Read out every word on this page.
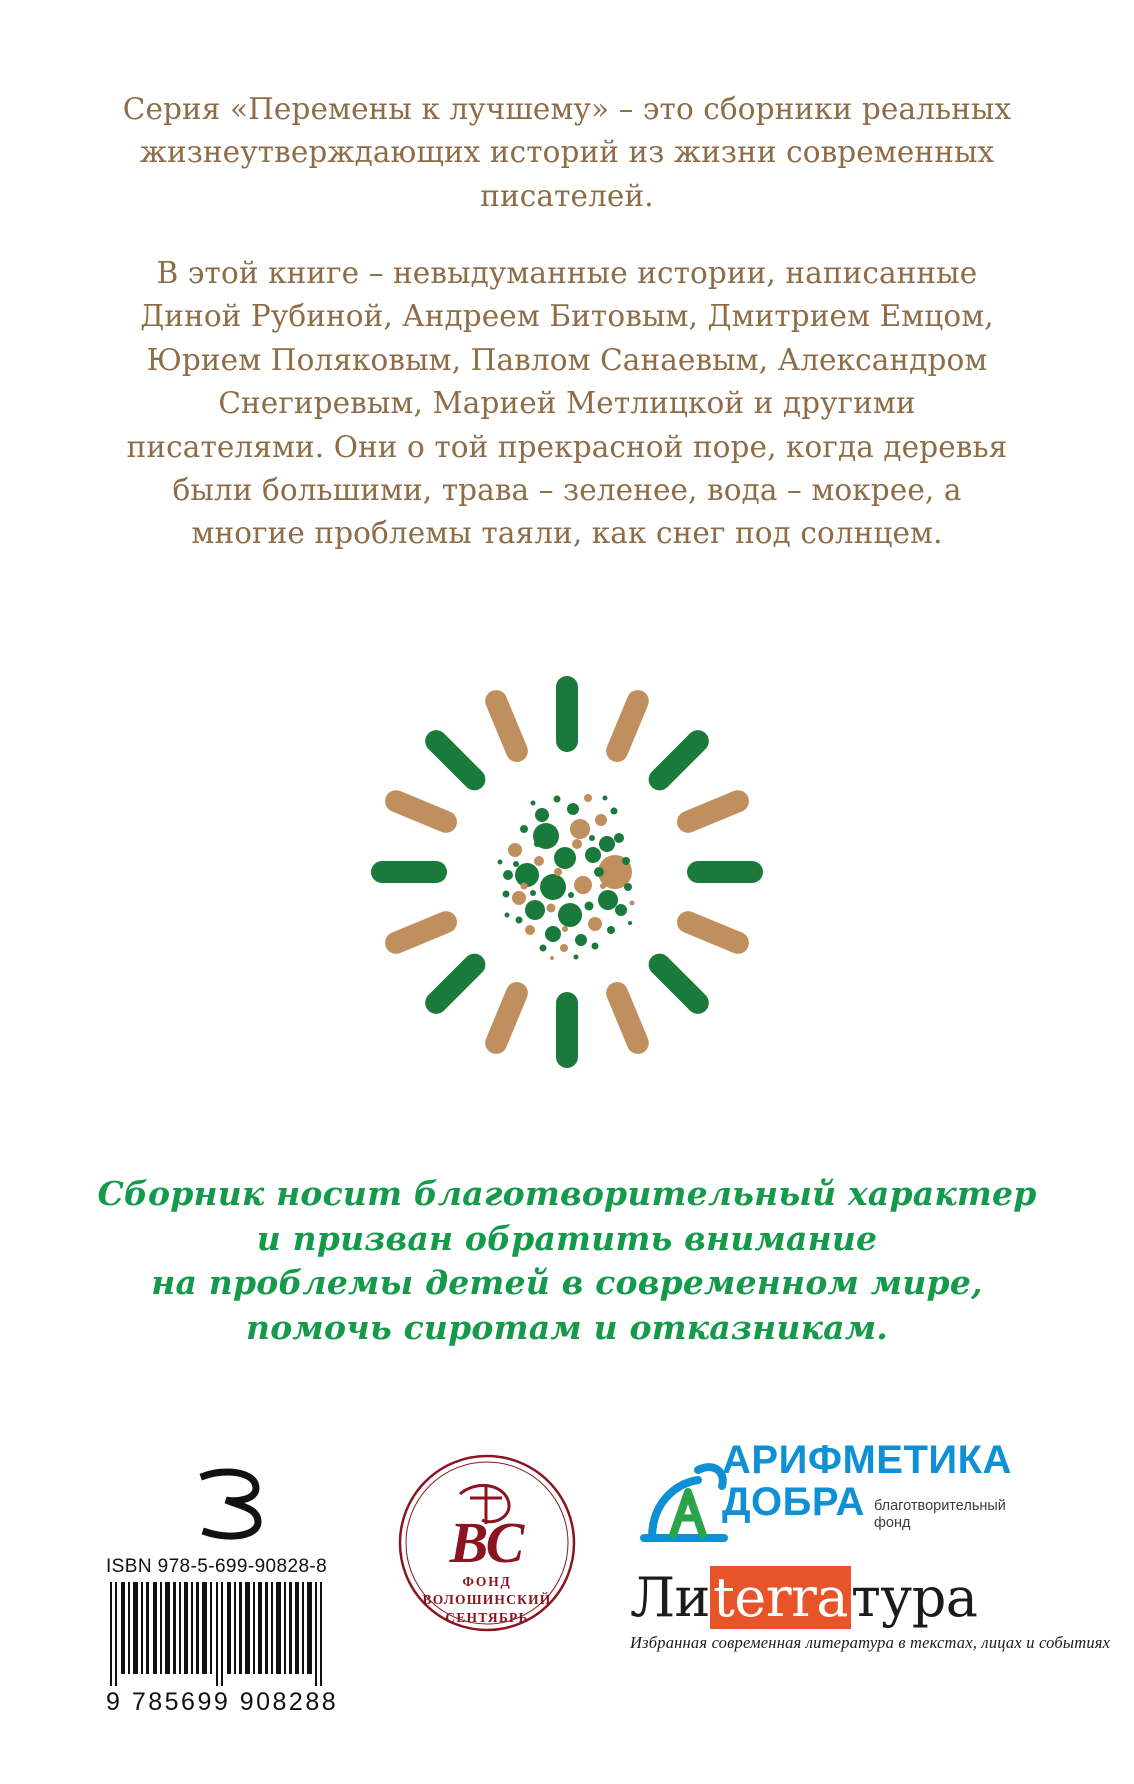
Серия «Перемены к лучшему» – это сборники реальных жизнеутверждающих историй из жизни современных писателей.

В этой книге – невыдуманные истории, написанные Диной Рубиной, Андреем Битовым, Дмитрием Емцом, Юрием Поляковым, Павлом Санаевым, Александром Снегиревым, Марией Метлицкой и другими писателями. Они о той прекрасной поре, когда деревья были большими, трава – зеленее, вода – мокрее, а многие проблемы таяли, как снег под солнцем.

Сборник носит благотворительный характер
и призван обратить внимание
на проблемы детей в современном мире,
помочь сиротам и отказникам.
ISBN 978-5-699-90828-8
9 785699 908288
ВС
ФОНД
ВОЛОШИНСКИЙ
СЕНТЯБРЬ
АРИФМЕТИКА
ДОБРА благотворительный
фонд
Лиterraтура
Избранная современная литература в текстах, лицах и событиях
